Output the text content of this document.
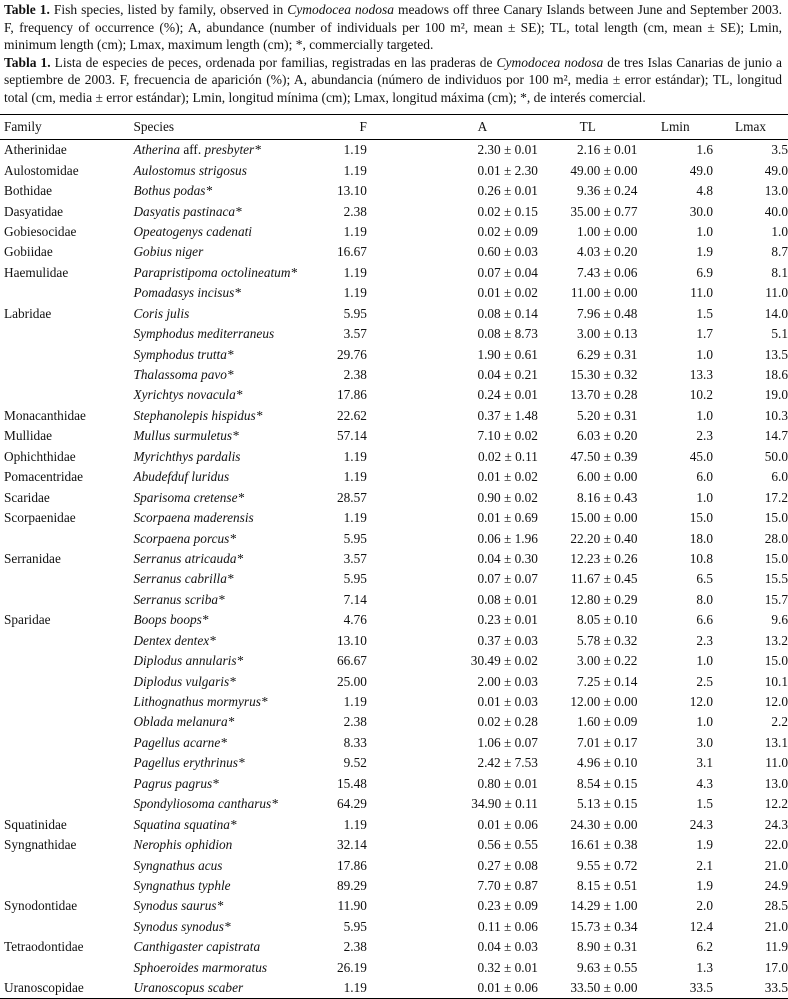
Table 1. Fish species, listed by family, observed in Cymodocea nodosa meadows off three Canary Islands between June and September 2003. F, frequency of occurrence (%); A, abundance (number of individuals per 100 m², mean ± SE); TL, total length (cm, mean ± SE); Lmin, minimum length (cm); Lmax, maximum length (cm); *, commercially targeted.

Tabla 1. Lista de especies de peces, ordenada por familias, registradas en las praderas de Cymodocea nodosa de tres Islas Canarias de junio a septiembre de 2003. F, frecuencia de aparición (%); A, abundancia (número de individuos por 100 m², media ± error estándar); TL, longitud total (cm, media ± error estándar); Lmin, longitud mínima (cm); Lmax, longitud máxima (cm); *, de interés comercial.

Family	Species	F	A	TL	Lmin	Lmax
Atherinidae	Atherina aff. presbyter*	1.19	2.30 ± 0.01	2.16 ± 0.01	1.6	3.5
Aulostomidae	Aulostomus strigosus	1.19	0.01 ± 2.30	49.00 ± 0.00	49.0	49.0
Bothidae	Bothus podas*	13.10	0.26 ± 0.01	9.36 ± 0.24	4.8	13.0
Dasyatidae	Dasyatis pastinaca*	2.38	0.02 ± 0.15	35.00 ± 0.77	30.0	40.0
Gobiesocidae	Opeatogenys cadenati	1.19	0.02 ± 0.09	1.00 ± 0.00	1.0	1.0
Gobiidae	Gobius niger	16.67	0.60 ± 0.03	4.03 ± 0.20	1.9	8.7
Haemulidae	Parapristipoma octolineatum*	1.19	0.07 ± 0.04	7.43 ± 0.06	6.9	8.1
	Pomadasys incisus*	1.19	0.01 ± 0.02	11.00 ± 0.00	11.0	11.0
Labridae	Coris julis	5.95	0.08 ± 0.14	7.96 ± 0.48	1.5	14.0
	Symphodus mediterraneus	3.57	0.08 ± 8.73	3.00 ± 0.13	1.7	5.1
	Symphodus trutta*	29.76	1.90 ± 0.61	6.29 ± 0.31	1.0	13.5
	Thalassoma pavo*	2.38	0.04 ± 0.21	15.30 ± 0.32	13.3	18.6
	Xyrichtys novacula*	17.86	0.24 ± 0.01	13.70 ± 0.28	10.2	19.0
Monacanthidae	Stephanolepis hispidus*	22.62	0.37 ± 1.48	5.20 ± 0.31	1.0	10.3
Mullidae	Mullus surmuletus*	57.14	7.10 ± 0.02	6.03 ± 0.20	2.3	14.7
Ophichthidae	Myrichthys pardalis	1.19	0.02 ± 0.11	47.50 ± 0.39	45.0	50.0
Pomacentridae	Abudefduf luridus	1.19	0.01 ± 0.02	6.00 ± 0.00	6.0	6.0
Scaridae	Sparisoma cretense*	28.57	0.90 ± 0.02	8.16 ± 0.43	1.0	17.2
Scorpaenidae	Scorpaena maderensis	1.19	0.01 ± 0.69	15.00 ± 0.00	15.0	15.0
	Scorpaena porcus*	5.95	0.06 ± 1.96	22.20 ± 0.40	18.0	28.0
Serranidae	Serranus atricauda*	3.57	0.04 ± 0.30	12.23 ± 0.26	10.8	15.0
	Serranus cabrilla*	5.95	0.07 ± 0.07	11.67 ± 0.45	6.5	15.5
	Serranus scriba*	7.14	0.08 ± 0.01	12.80 ± 0.29	8.0	15.7
Sparidae	Boops boops*	4.76	0.23 ± 0.01	8.05 ± 0.10	6.6	9.6
	Dentex dentex*	13.10	0.37 ± 0.03	5.78 ± 0.32	2.3	13.2
	Diplodus annularis*	66.67	30.49 ± 0.02	3.00 ± 0.22	1.0	15.0
	Diplodus vulgaris*	25.00	2.00 ± 0.03	7.25 ± 0.14	2.5	10.1
	Lithognathus mormyrus*	1.19	0.01 ± 0.03	12.00 ± 0.00	12.0	12.0
	Oblada melanura*	2.38	0.02 ± 0.28	1.60 ± 0.09	1.0	2.2
	Pagellus acarne*	8.33	1.06 ± 0.07	7.01 ± 0.17	3.0	13.1
	Pagellus erythrinus*	9.52	2.42 ± 7.53	4.96 ± 0.10	3.1	11.0
	Pagrus pagrus*	15.48	0.80 ± 0.01	8.54 ± 0.15	4.3	13.0
	Spondyliosoma cantharus*	64.29	34.90 ± 0.11	5.13 ± 0.15	1.5	12.2
Squatinidae	Squatina squatina*	1.19	0.01 ± 0.06	24.30 ± 0.00	24.3	24.3
Syngnathidae	Nerophis ophidion	32.14	0.56 ± 0.55	16.61 ± 0.38	1.9	22.0
	Syngnathus acus	17.86	0.27 ± 0.08	9.55 ± 0.72	2.1	21.0
	Syngnathus typhle	89.29	7.70 ± 0.87	8.15 ± 0.51	1.9	24.9
Synodontidae	Synodus saurus*	11.90	0.23 ± 0.09	14.29 ± 1.00	2.0	28.5
	Synodus synodus*	5.95	0.11 ± 0.06	15.73 ± 0.34	12.4	21.0
Tetraodontidae	Canthigaster capistrata	2.38	0.04 ± 0.03	8.90 ± 0.31	6.2	11.9
	Sphoeroides marmoratus	26.19	0.32 ± 0.01	9.63 ± 0.55	1.3	17.0
Uranoscopidae	Uranoscopus scaber	1.19	0.01 ± 0.06	33.50 ± 0.00	33.5	33.5
